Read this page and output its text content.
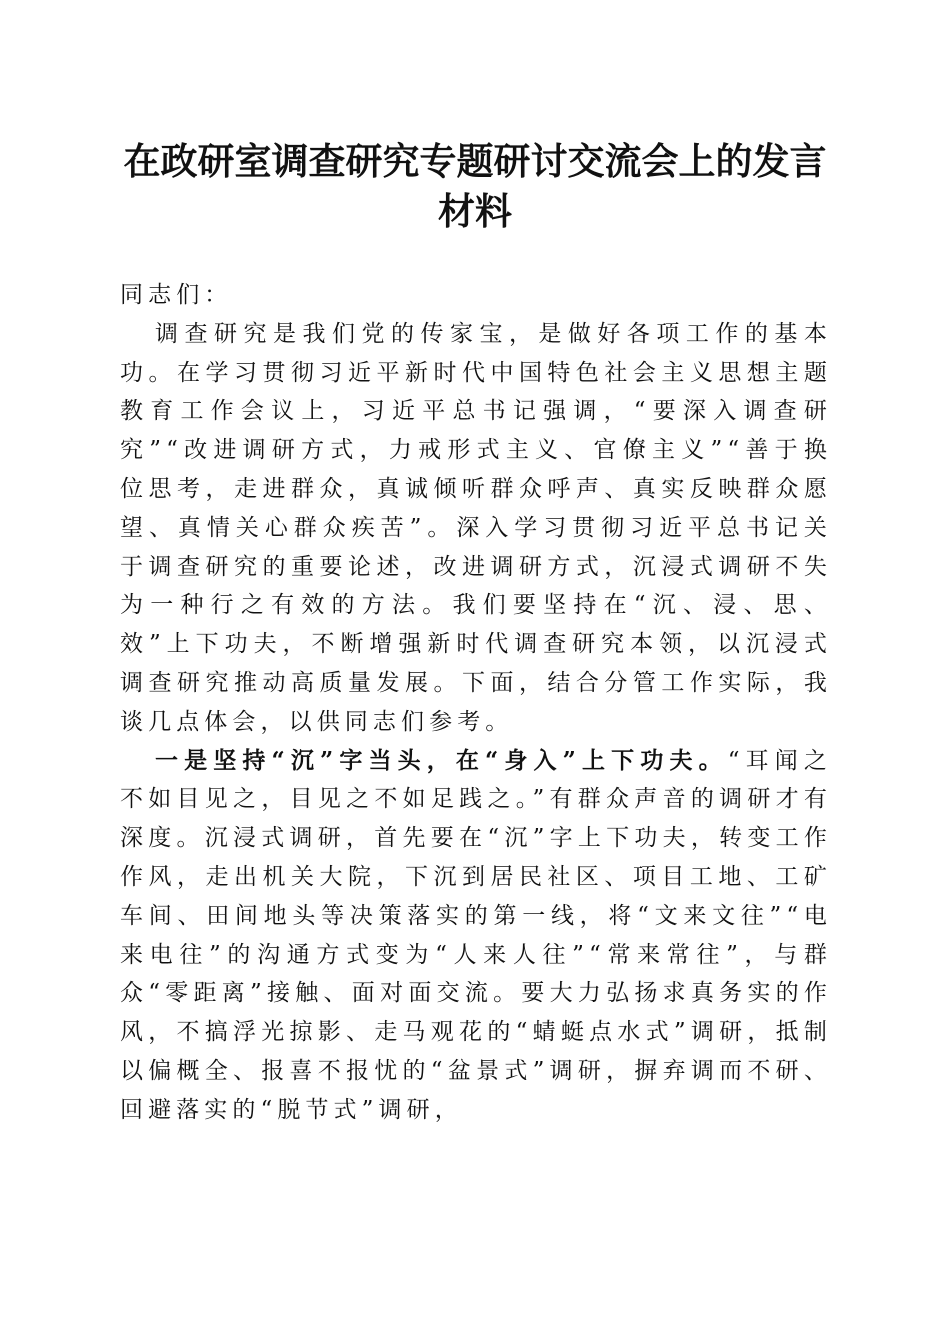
在政研室调查研究专题研讨交流会上的发言材料

同志们：

调查研究是我们党的传家宝，是做好各项工作的基本功。在学习贯彻习近平新时代中国特色社会主义思想主题教育工作会议上，习近平总书记强调，“要深入调查研究”“改进调研方式，力戒形式主义、官僚主义”“善于换位思考，走进群众，真诚倾听群众呼声、真实反映群众愿望、真情关心群众疾苦”。深入学习贯彻习近平总书记关于调查研究的重要论述，改进调研方式，沉浸式调研不失为一种行之有效的方法。我们要坚持在“沉、浸、思、效”上下功夫，不断增强新时代调查研究本领，以沉浸式调查研究推动高质量发展。下面，结合分管工作实际，我谈几点体会，以供同志们参考。

一是坚持“沉”字当头，在“身入”上下功夫。“耳闻之不如目见之，目见之不如足践之。”有群众声音的调研才有深度。沉浸式调研，首先要在“沉”字上下功夫，转变工作作风，走出机关大院，下沉到居民社区、项目工地、工矿车间、田间地头等决策落实的第一线，将“文来文往”“电来电往”的沟通方式变为“人来人往”“常来常往”，与群众“零距离”接触、面对面交流。要大力弘扬求真务实的作风，不搞浮光掠影、走马观花的“蜻蜓点水式”调研，抵制以偏概全、报喜不报忧的“盆景式”调研，摒弃调而不研、回避落实的“脱节式”调研，
